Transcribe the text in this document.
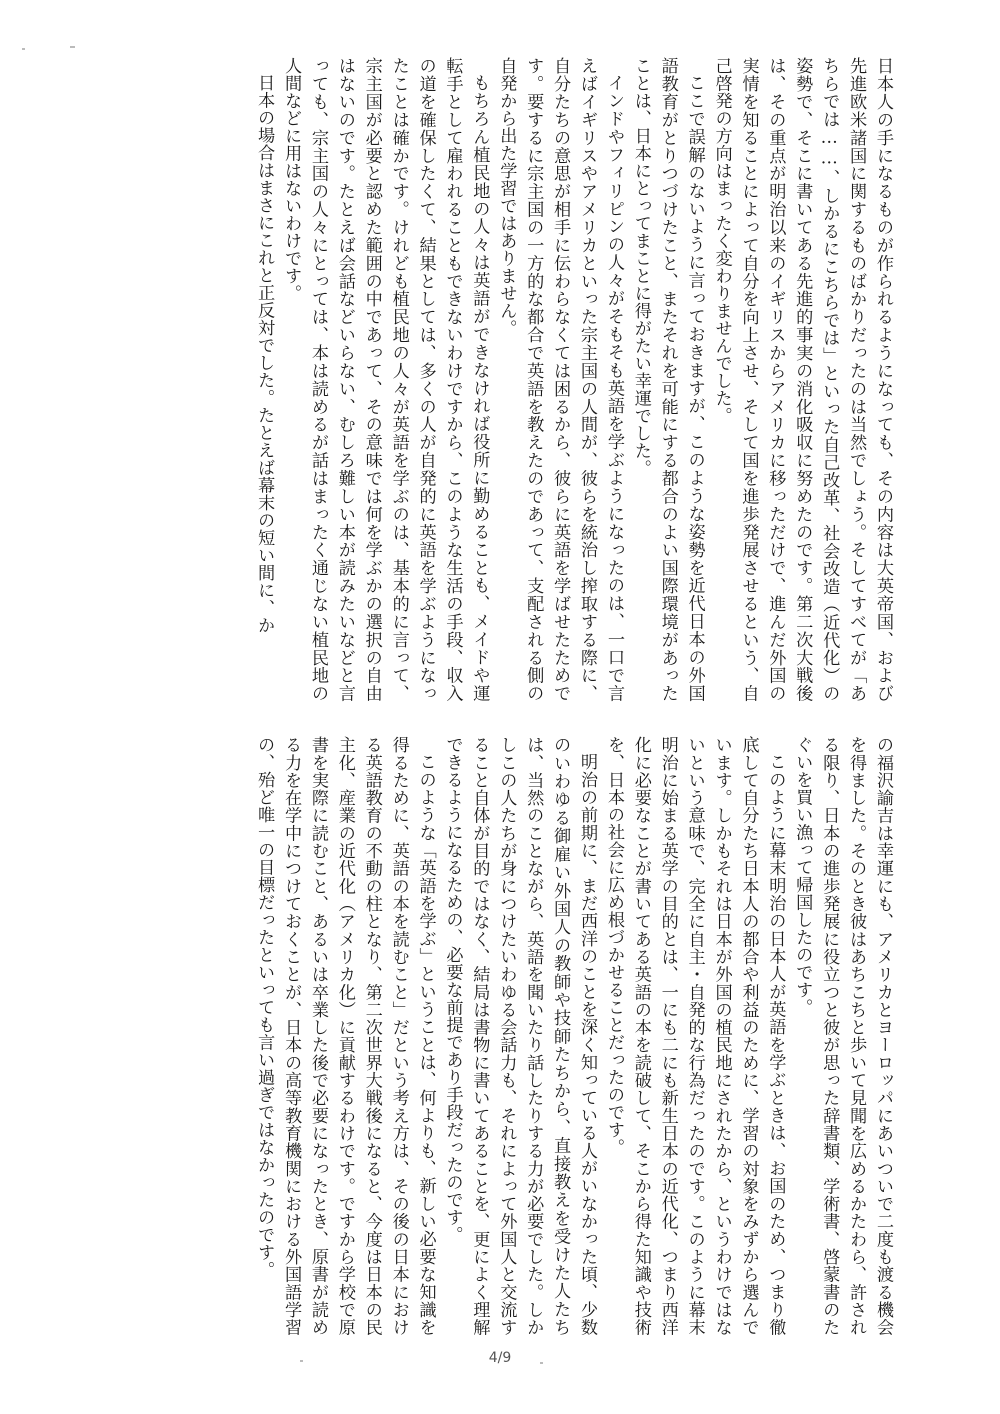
日本人の手になるものが作られるようになっても、その内容は大英帝国、および先進欧米諸国に関するものばかりだったのは当然でしょう。そしてすべてが「あちらでは……、しかるにこちらでは」といった自己改革、社会改造（近代化）の姿勢で、そこに書いてある先進的事実の消化吸収に努めたのです。第二次大戦後は、その重点が明治以来のイギリスからアメリカに移っただけで、進んだ外国の実情を知ることによって自分を向上させ、そして国を進歩発展させるという、自己啓発の方向はまったく変わりませんでした。

ここで誤解のないように言っておきますが、このような姿勢を近代日本の外国語教育がとりつづけたこと、またそれを可能にする都合のよい国際環境があったことは、日本にとってまことに得がたい幸運でした。

インドやフィリピンの人々がそもそも英語を学ぶようになったのは、一口で言えばイギリスやアメリカといった宗主国の人間が、彼らを統治し搾取する際に、自分たちの意思が相手に伝わらなくては困るから、彼らに英語を学ばせたためです。要するに宗主国の一方的な都合で英語を教えたのであって、支配される側の自発から出た学習ではありません。

もちろん植民地の人々は英語ができなければ役所に勤めることも、メイドや運転手として雇われることもできないわけですから、このような生活の手段、収入の道を確保したくて、結果としては、多くの人が自発的に英語を学ぶようになったことは確かです。けれども植民地の人々が英語を学ぶのは、基本的に言って、宗主国が必要と認めた範囲の中であって、その意味では何を学ぶかの選択の自由はないのです。たとえば会話などいらない、むしろ難しい本が読みたいなどと言っても、宗主国の人々にとっては、本は読めるが話はまったく通じない植民地の人間などに用はないわけです。

日本の場合はまさにこれと正反対でした。たとえば幕末の短い間に、か

の福沢諭吉は幸運にも、アメリカとヨーロッパにあいついで二度も渡る機会を得ました。そのとき彼はあちこちと歩いて見聞を広めるかたわら、許される限り、日本の進歩発展に役立つと彼が思った辞書類、学術書、啓蒙書のたぐいを買い漁って帰国したのです。

このように幕末明治の日本人が英語を学ぶときは、お国のため、つまり徹底して自分たち日本人の都合や利益のために、学習の対象をみずから選んでいます。しかもそれは日本が外国の植民地にされたから、というわけではないという意味で、完全に自主・自発的な行為だったのです。このように幕末明治に始まる英学の目的とは、一にも二にも新生日本の近代化、つまり西洋化に必要なことが書いてある英語の本を読破して、そこから得た知識や技術を、日本の社会に広め根づかせることだったのです。

明治の前期に、まだ西洋のことを深く知っている人がいなかった頃、少数のいわゆる御雇い外国人の教師や技師たちから、直接教えを受けた人たちは、当然のことながら、英語を聞いたり話したりする力が必要でした。しかしこの人たちが身につけたいわゆる会話力も、それによって外国人と交流すること自体が目的ではなく、結局は書物に書いてあることを、更によく理解できるようになるための、必要な前提であり手段だったのです。

このような「英語を学ぶ」ということは、何よりも、新しい必要な知識を得るために、英語の本を読むこと」だという考え方は、その後の日本における英語教育の不動の柱となり、第二次世界大戦後になると、今度は日本の民主化、産業の近代化（アメリカ化）に貢献するわけです。ですから学校で原書を実際に読むこと、あるいは卒業した後で必要になったとき、原書が読める力を在学中につけておくことが、日本の高等教育機関における外国語学習の、殆ど唯一の目標だったといっても言い過ぎではなかったのです。

4/9
